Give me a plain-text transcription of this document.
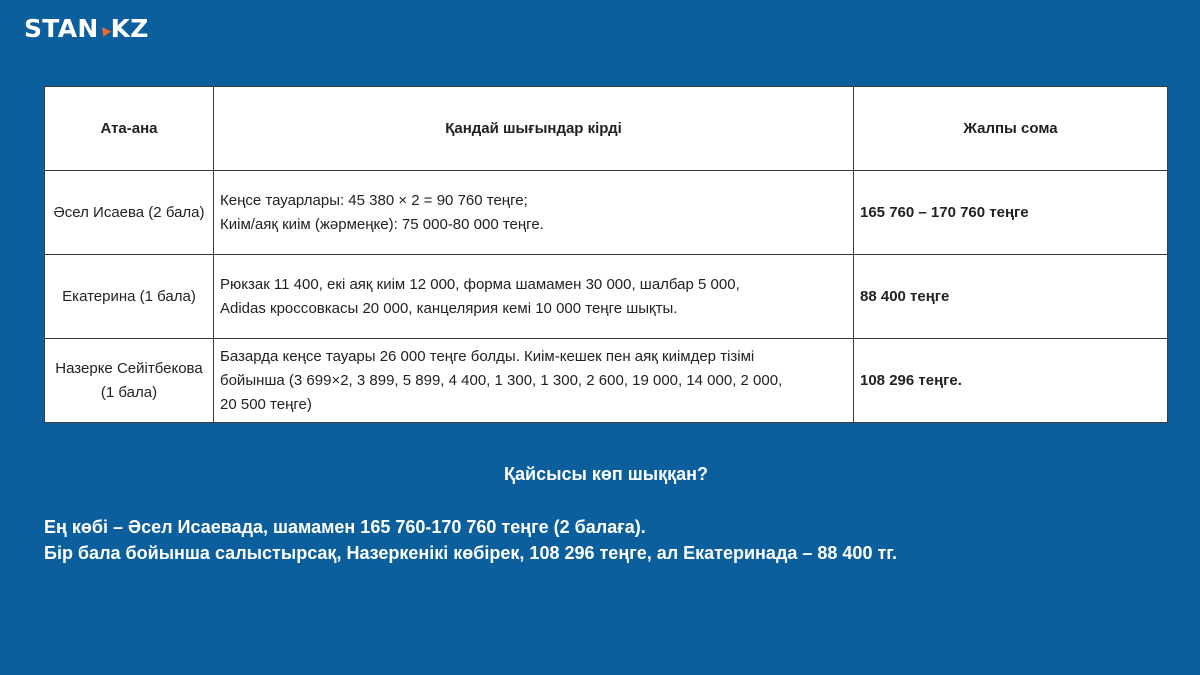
STAN KZ
Ата-ана	Қандай шығындар кірді	Жалпы сома
Әсел Исаева (2 бала)	Кеңсе тауарлары: 45 380 × 2 = 90 760 теңге;
Киім/аяқ киім (жәрмеңке): 75 000-80 000 теңге.	165 760 – 170 760 теңге
Екатерина (1 бала)	Рюкзак 11 400, екі аяқ киім 12 000, форма шамамен 30 000, шалбар 5 000,
Adidas кроссовкасы 20 000, канцелярия кемі 10 000 теңге шықты.	88 400 теңге
Назерке Сейітбекова (1 бала)	Базарда кеңсе тауары 26 000 теңге болды. Киім-кешек пен аяқ киімдер тізімі
бойынша (3 699×2, 3 899, 5 899, 4 400, 1 300, 1 300, 2 600, 19 000, 14 000, 2 000,
20 500 теңге)	108 296 теңге.
Қайсысы көп шыққан?
Ең көбі – Әсел Исаевада, шамамен 165 760-170 760 теңге (2 балаға).
Бір бала бойынша салыстырсақ, Назеркенікі көбірек, 108 296 теңге, ал Екатеринада – 88 400 тг.
